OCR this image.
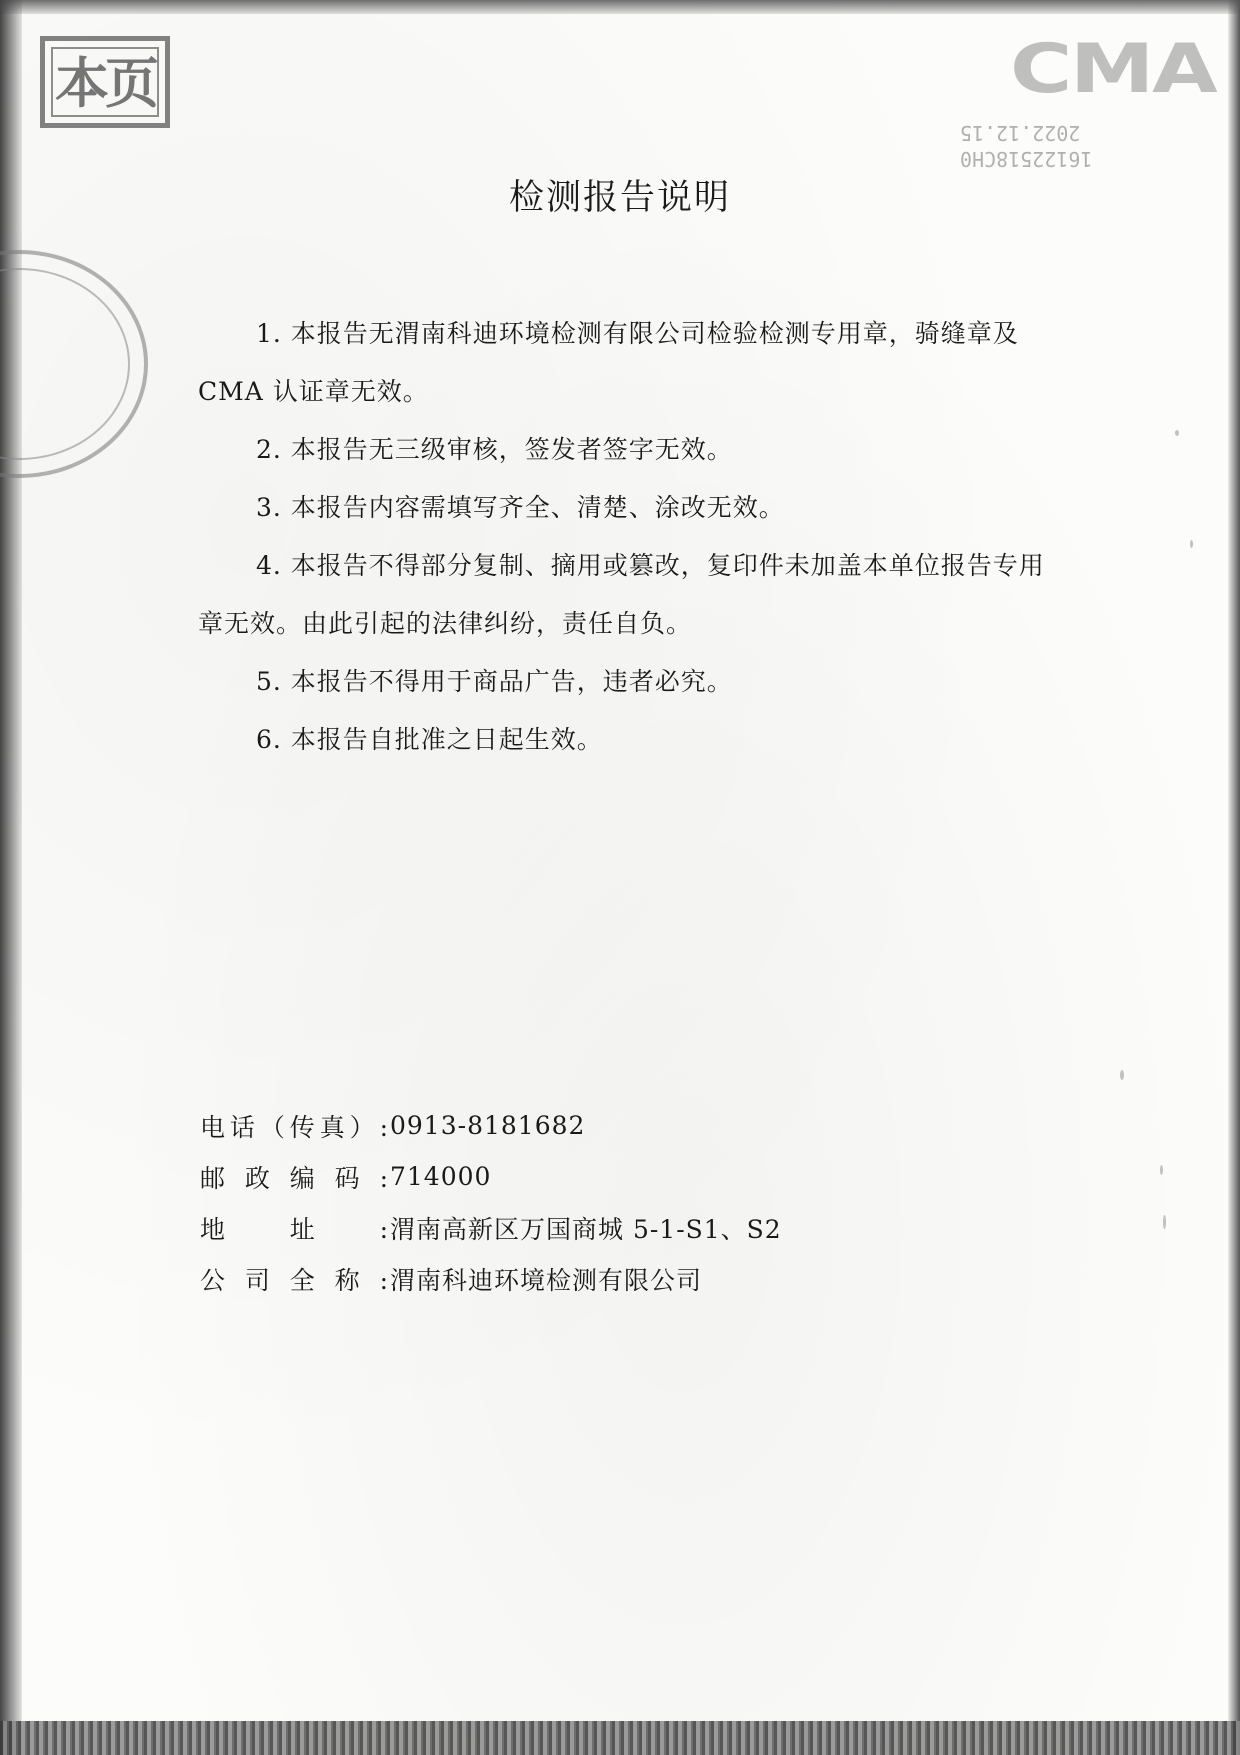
本页	CMA
16122518CH0 2022.12.15
检测报告说明

1. 本报告无渭南科迪环境检测有限公司检验检测专用章，骑缝章及 CMA 认证章无效。

2. 本报告无三级审核，签发者签字无效。

3. 本报告内容需填写齐全、清楚、涂改无效。

4. 本报告不得部分复制、摘用或篡改，复印件未加盖本单位报告专用章无效。由此引起的法律纠纷，责任自负。

5. 本报告不得用于商品广告，违者必究。

6. 本报告自批准之日起生效。

电话（传真）: 0913-8181682
邮政编码: 714000
地址: 渭南高新区万国商城 5-1-S1、S2
公司全称: 渭南科迪环境检测有限公司
